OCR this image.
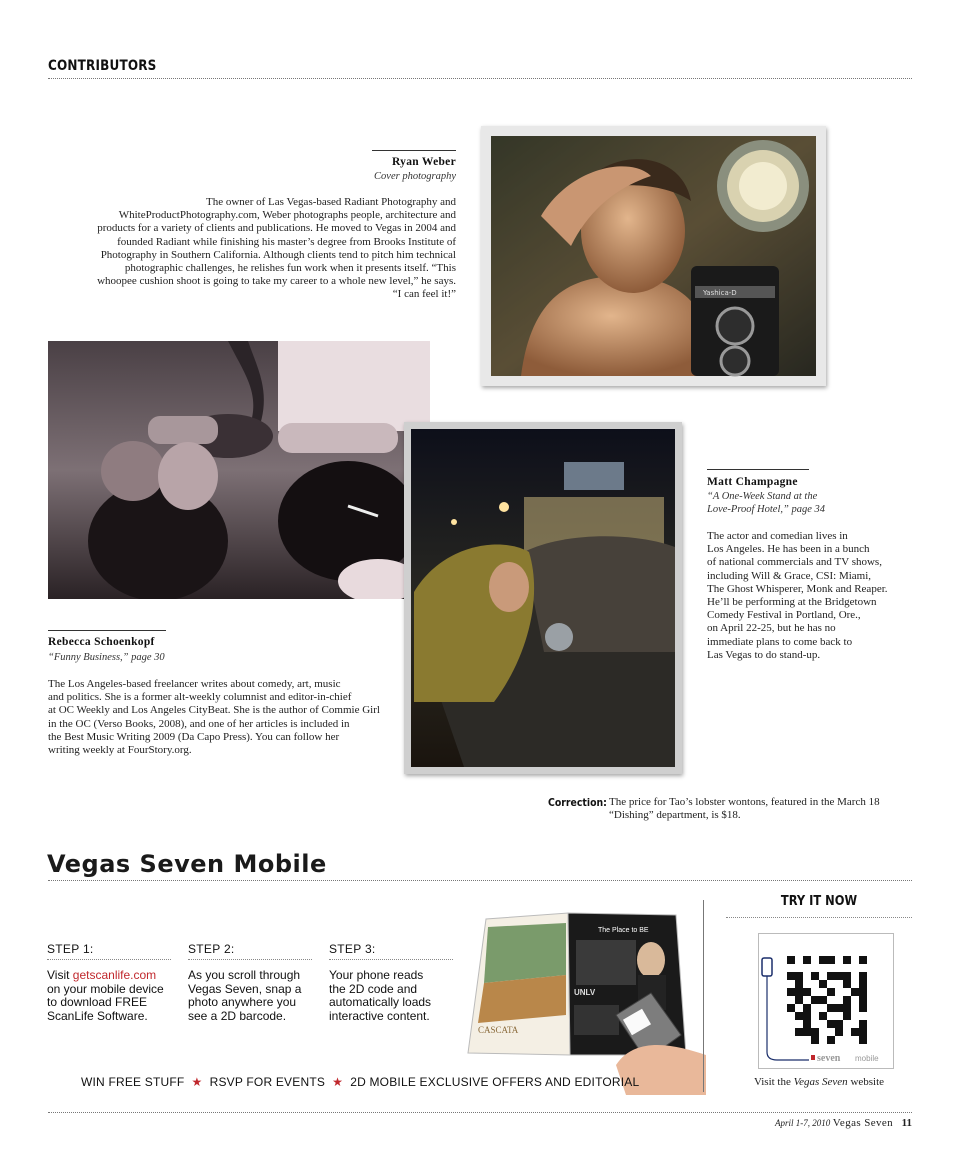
CONTRIBUTORS
Ryan Weber
Cover photography
The owner of Las Vegas-based Radiant Photography and WhiteProductPhotography.com, Weber photographs people, architecture and products for a variety of clients and publications. He moved to Vegas in 2004 and founded Radiant while finishing his master’s degree from Brooks Institute of Photography in Southern California. Although clients tend to pitch him technical photographic challenges, he relishes fun work when it presents itself. “This whoopee cushion shoot is going to take my career to a whole new level,” he says. “I can feel it!”	Yashica-D
Matt Champagne
“A One-Week Stand at the
Love-Proof Hotel,” page 34
The actor and comedian lives in
Los Angeles. He has been in a bunch
of national commercials and TV shows,
including Will & Grace, CSI: Miami,
The Ghost Whisperer, Monk and Reaper.
He’ll be performing at the Bridgetown
Comedy Festival in Portland, Ore.,
on April 22-25, but he has no
immediate plans to come back to
Las Vegas to do stand-up.
Rebecca Schoenkopf
“Funny Business,” page 30
The Los Angeles-based freelancer writes about comedy, art, music
and politics. She is a former alt-weekly columnist and editor-in-chief
at OC Weekly and Los Angeles CityBeat. She is the author of Commie Girl
in the OC (Verso Books, 2008), and one of her articles is included in
the Best Music Writing 2009 (Da Capo Press). You can follow her
writing weekly at FourStory.org.
Correction: The price for Tao’s lobster wontons, featured in the March 18
“Dishing” department, is $18.
Vegas Seven Mobile
STEP 1:
Visit getscanlife.com
on your mobile device
to download FREE
ScanLife Software.
STEP 2:
As you scroll through
Vegas Seven, snap a
photo anywhere you
see a 2D barcode.
STEP 3:
Your phone reads
the 2D code and
automatically loads
interactive content.
CASCATA
The Place to BE
UNLV
TRY IT NOW
seven mobile
Visit the Vegas Seven website
WIN FREE STUFF  ★  RSVP FOR EVENTS  ★  2D MOBILE EXCLUSIVE OFFERS AND EDITORIAL
April 1-7, 2010 Vegas Seven 11
